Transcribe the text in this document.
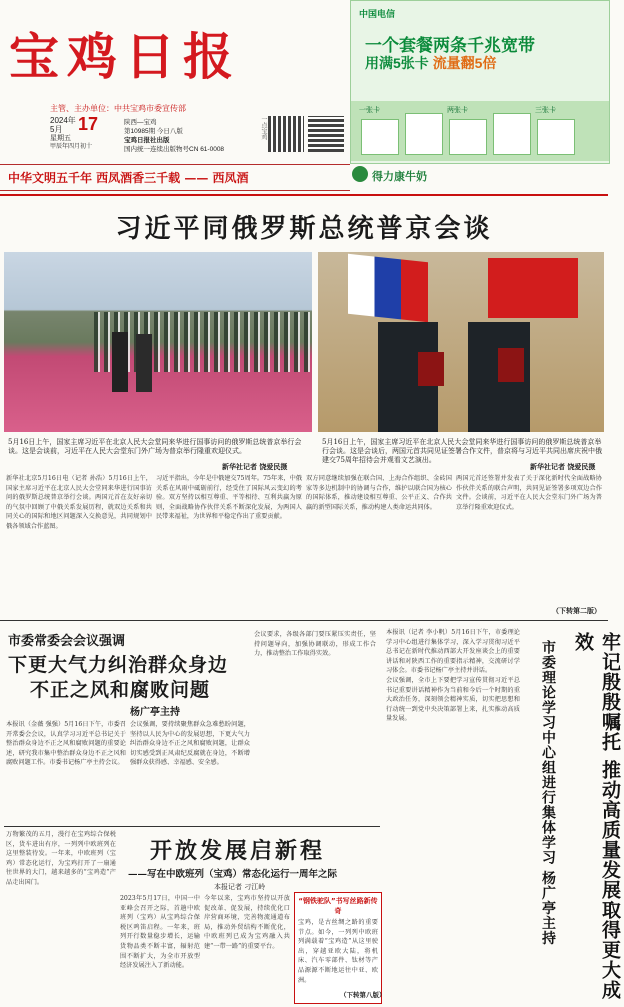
宝鸡日报
主管、主办单位：中共宝鸡市委宣传部
2024年
5月 17
星期五
甲辰年四月初十
陕西—宝鸡
第10985期 今日八版
宝鸡日报社出版
国内统一连续出版物号CN 61-0008
一点宝鸡
中国电信
一个套餐两条千兆宽带
用满5张卡 流量翻5倍
一张卡	两张卡	三张卡
中华文明五千年 西凤酒香三千载 —— 西凤酒	得力康牛奶
习近平同俄罗斯总统普京会谈
5月16日上午，国家主席习近平在北京人民大会堂同来华进行国事访问的俄罗斯总统普京举行会谈。这是会谈前，习近平在人民大会堂东门外广场为普京举行隆重欢迎仪式。
新华社记者 饶爱民摄
5月16日上午，国家主席习近平在北京人民大会堂同来华进行国事访问的俄罗斯总统普京举行会谈。这是会谈后，两国元首共同见证签署合作文件，普京将与习近平共同出席庆祝中俄建交75周年招待会并观看文艺演出。
新华社记者 饶爱民摄
新华社北京5月16日电（记者 孙浩）5月16日上午，国家主席习近平在北京人民大会堂同来华进行国事访问的俄罗斯总统普京举行会谈。两国元首在友好亲切的气氛中回顾了中俄关系发展历程，就双边关系和共同关心的国际和地区问题深入交换意见，共同规划中俄各领域合作蓝图。
习近平指出，今年是中俄建交75周年。75年来，中俄关系在风雨中砥砺前行，经受住了国际风云变幻的考验。双方坚持以相互尊重、平等相待、互利共赢为原则，全面战略协作伙伴关系不断深化发展，为两国人民带来福祉，为世界和平稳定作出了重要贡献。
双方同意继续加强在联合国、上海合作组织、金砖国家等多边机制中的协调与合作，维护以联合国为核心的国际体系，推动建设相互尊重、公平正义、合作共赢的新型国际关系，推动构建人类命运共同体。
两国元首还签署并发表了关于深化新时代全面战略协作伙伴关系的联合声明，共同见证签署多项双边合作文件。会谈前，习近平在人民大会堂东门外广场为普京举行隆重欢迎仪式。
（下转第二版）
市委常委会会议强调
下更大气力纠治群众身边
不正之风和腐败问题
杨广亭主持
本报讯（金薇 强强）5月16日下午，市委召开常委会会议，认真学习习近平总书记关于整治群众身边不正之风和腐败问题的重要论述，研究我市集中整治群众身边不正之风和腐败问题工作。市委书记杨广亭主持会议。
会议强调，要持续聚焦群众急难愁盼问题，坚持以人民为中心的发展思想，下更大气力纠治群众身边不正之风和腐败问题，让群众切实感受到正风肃纪反腐就在身边，不断增强群众获得感、幸福感、安全感。
会议要求，各级各部门要压紧压实责任，坚持问题导向，加强协调联动，形成工作合力，推动整治工作取得实效。
本报讯（记者 李小帆）5月16日下午，市委理论学习中心组进行集体学习，深入学习贯彻习近平总书记在新时代推动西部大开发座谈会上的重要讲话和对陕西工作的重要指示精神，交流研讨学习体会。市委书记杨广亭主持并讲话。
会议强调，全市上下要把学习宣传贯彻习近平总书记重要讲话精神作为当前和今后一个时期的重大政治任务，深刻领会精神实质，切实把思想和行动统一到党中央决策部署上来，扎实推动高质量发展。	牢记殷殷嘱托 推动高质量发展取得更大成效
市委理论学习中心组进行集体学习 杨广亭主持
万物繁茂的五月，漫行在宝鸡综合保税区，货车进出有序，一列列中欧班列在这里整装待发。一年来，中欧班列（宝鸡）常态化运行，为宝鸡打开了一扇通往世界的大门，越来越多的“宝鸡造”产品走出国门。
开放发展启新程
——写在中欧班列（宝鸡）常态化运行一周年之际
本报记者 刁江岭
2023年5月17日，中国一中亚峰会召开之际，首趟中欧班列（宝鸡）从宝鸡综合保税区鸣笛启程。一年来，班列开行数量稳步增长，运输货物品类不断丰富，辐射范围不断扩大，为全市开放型经济发展注入了新动能。
今年以来，宝鸡市坚持以开放促改革、促发展，持续优化口岸营商环境，完善物流通道布局，推动外贸结构不断优化，中欧班列已成为宝鸡融入共建“一带一路”的重要平台。
“钢铁驼队”书写丝路新传奇
宝鸡，是古丝绸之路的重要节点。如今，一列列中欧班列满载着“宝鸡造”从这里驶出，穿越亚欧大陆，将机床、汽车零部件、钛材等产品源源不断地运往中亚、欧洲。
（下转第八版）
